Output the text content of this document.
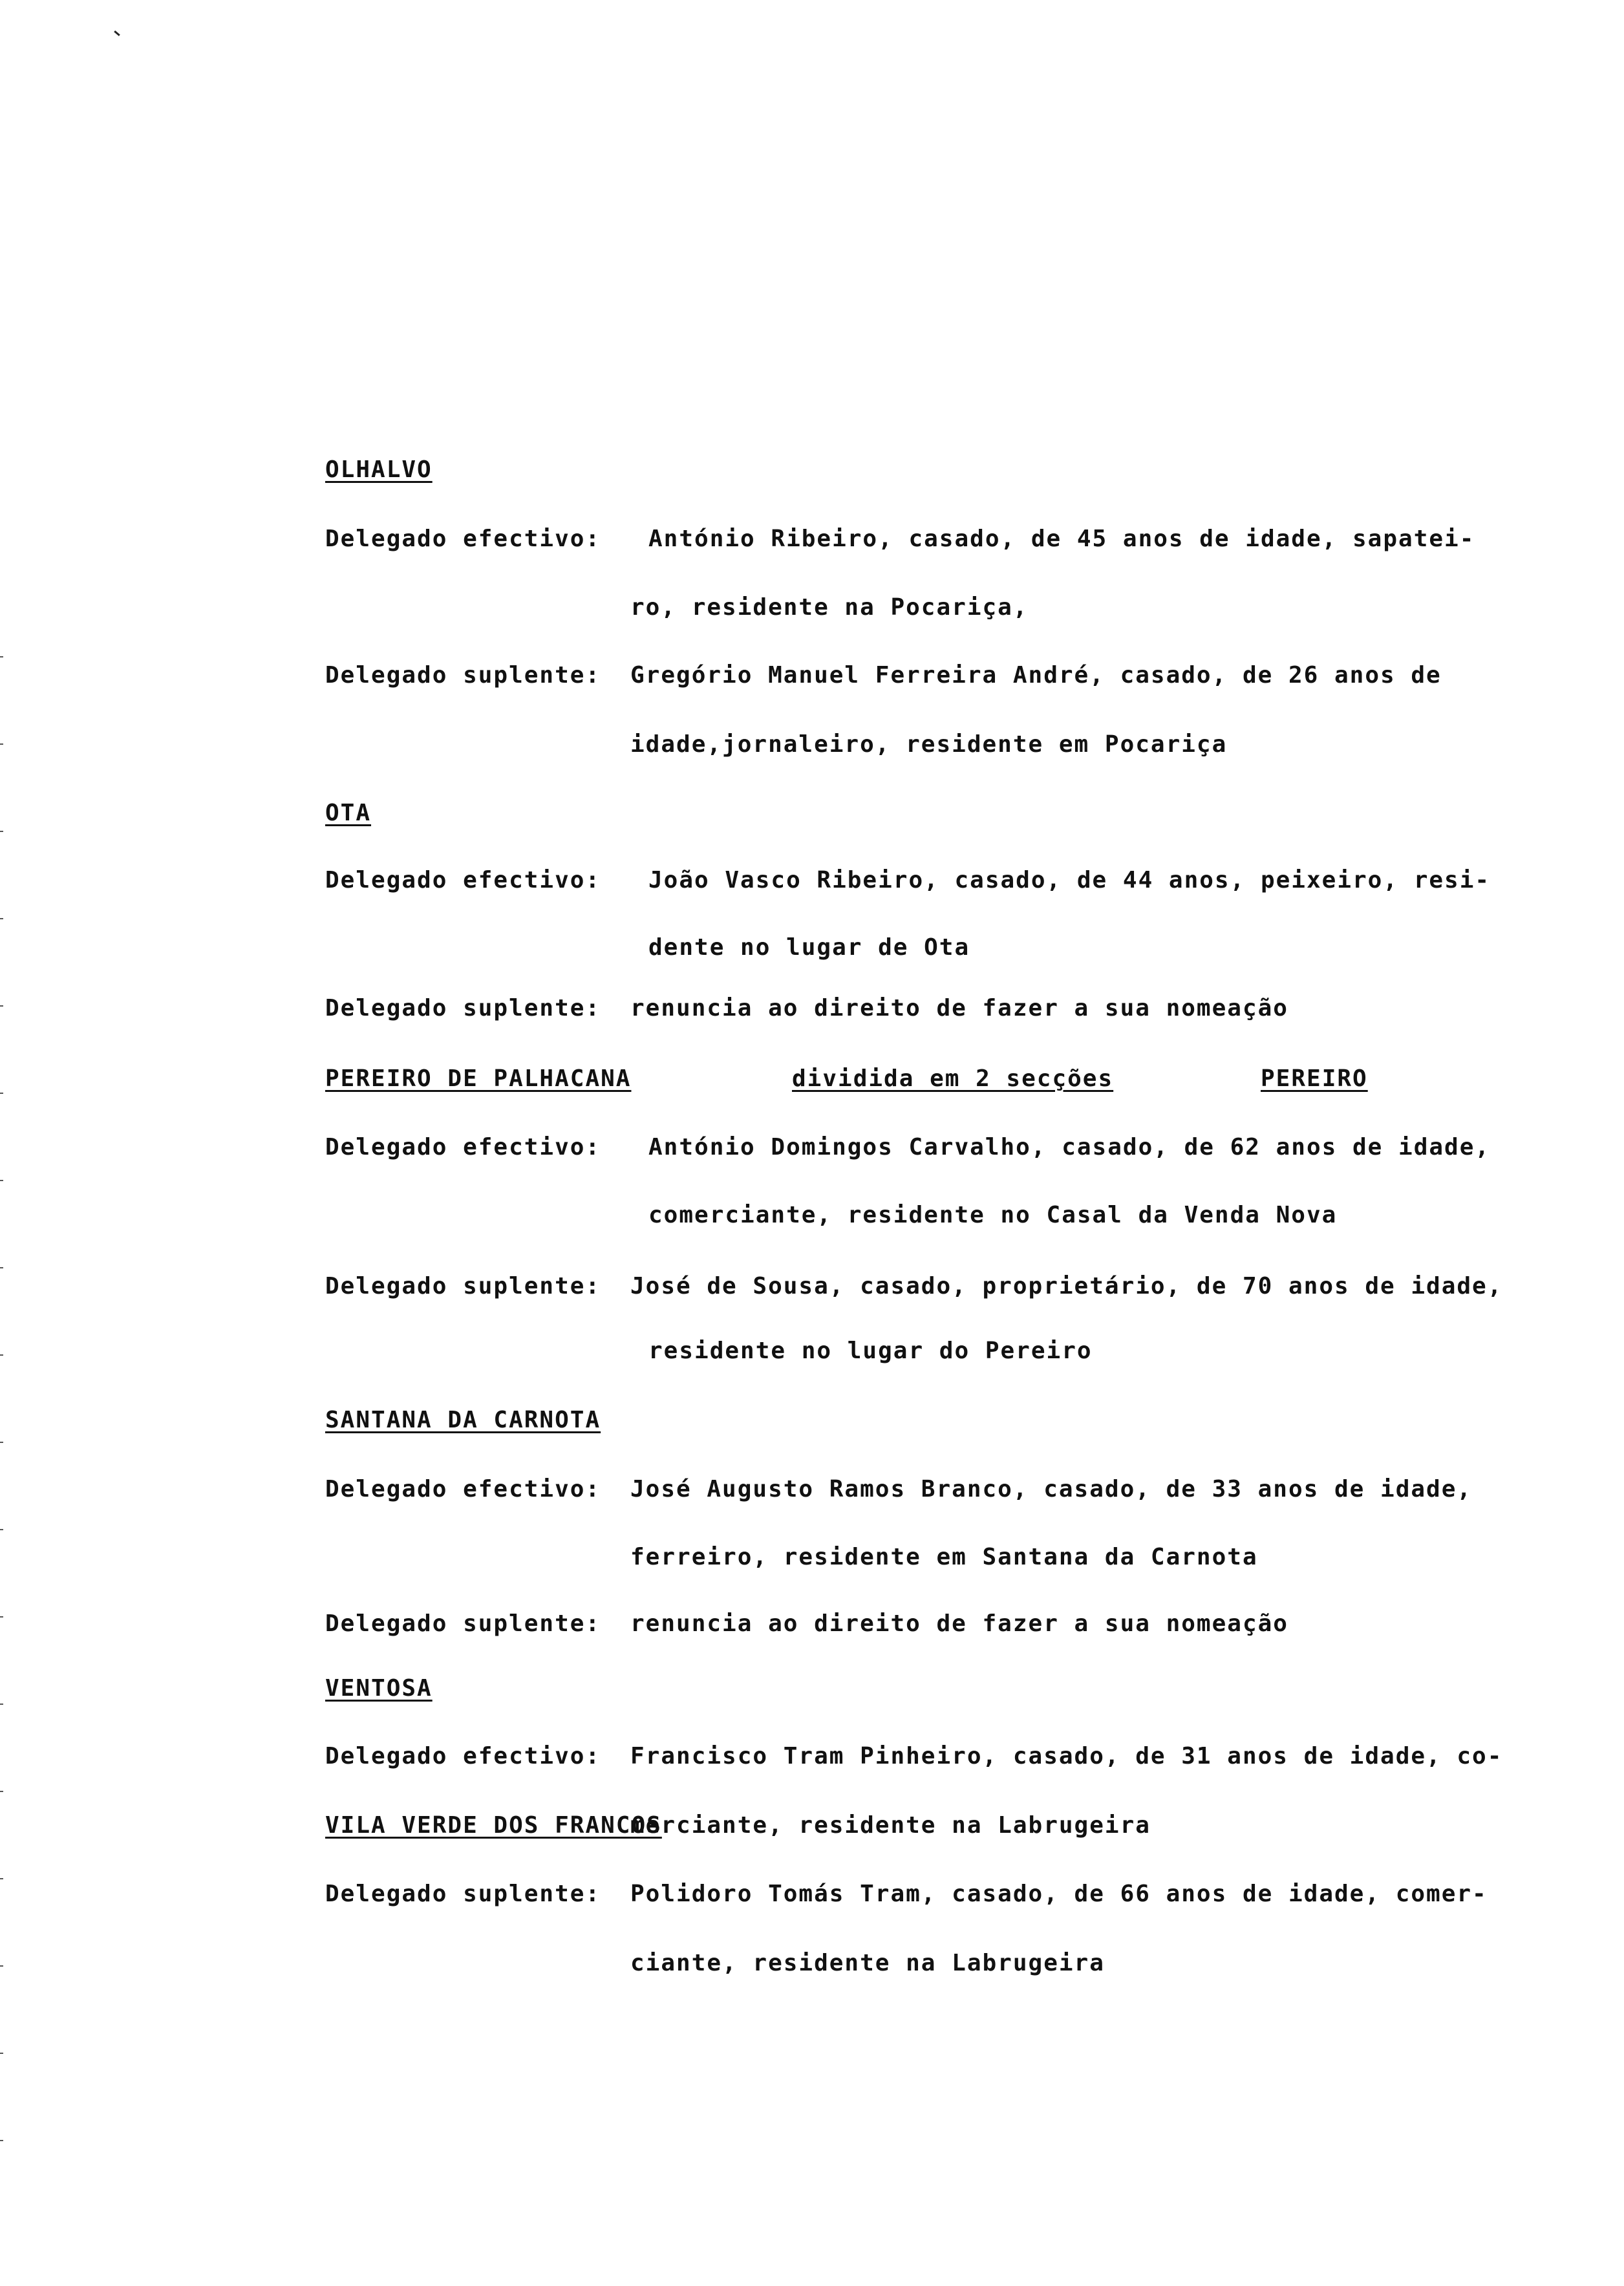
OLHALVO
Delegado efectivo: António Ribeiro, casado, de 45 anos de idade, sapatei-
ro, residente na Pocariça,
Delegado suplente: Gregório Manuel Ferreira André, casado, de 26 anos de
idade,jornaleiro, residente em Pocariça
OTA
Delegado efectivo: João Vasco Ribeiro, casado, de 44 anos, peixeiro, resi-
dente no lugar de Ota
Delegado suplente: renuncia ao direito de fazer a sua nomeação
PEREIRO DE PALHACANA	dividida em 2 secções	PEREIRO
Delegado efectivo: António Domingos Carvalho, casado, de 62 anos de idade,
comerciante, residente no Casal da Venda Nova
Delegado suplente: José de Sousa, casado, proprietário, de 70 anos de idade,
residente no lugar do Pereiro
SANTANA DA CARNOTA
Delegado efectivo: José Augusto Ramos Branco, casado, de 33 anos de idade,
ferreiro, residente em Santana da Carnota
Delegado suplente: renuncia ao direito de fazer a sua nomeação
VENTOSA
Delegado efectivo: Francisco Tram Pinheiro, casado, de 31 anos de idade, co-
VILA VERDE DOS FRANCOS
merciante, residente na Labrugeira
Delegado suplente: Polidoro Tomás Tram, casado, de 66 anos de idade, comer-
ciante, residente na Labrugeira
